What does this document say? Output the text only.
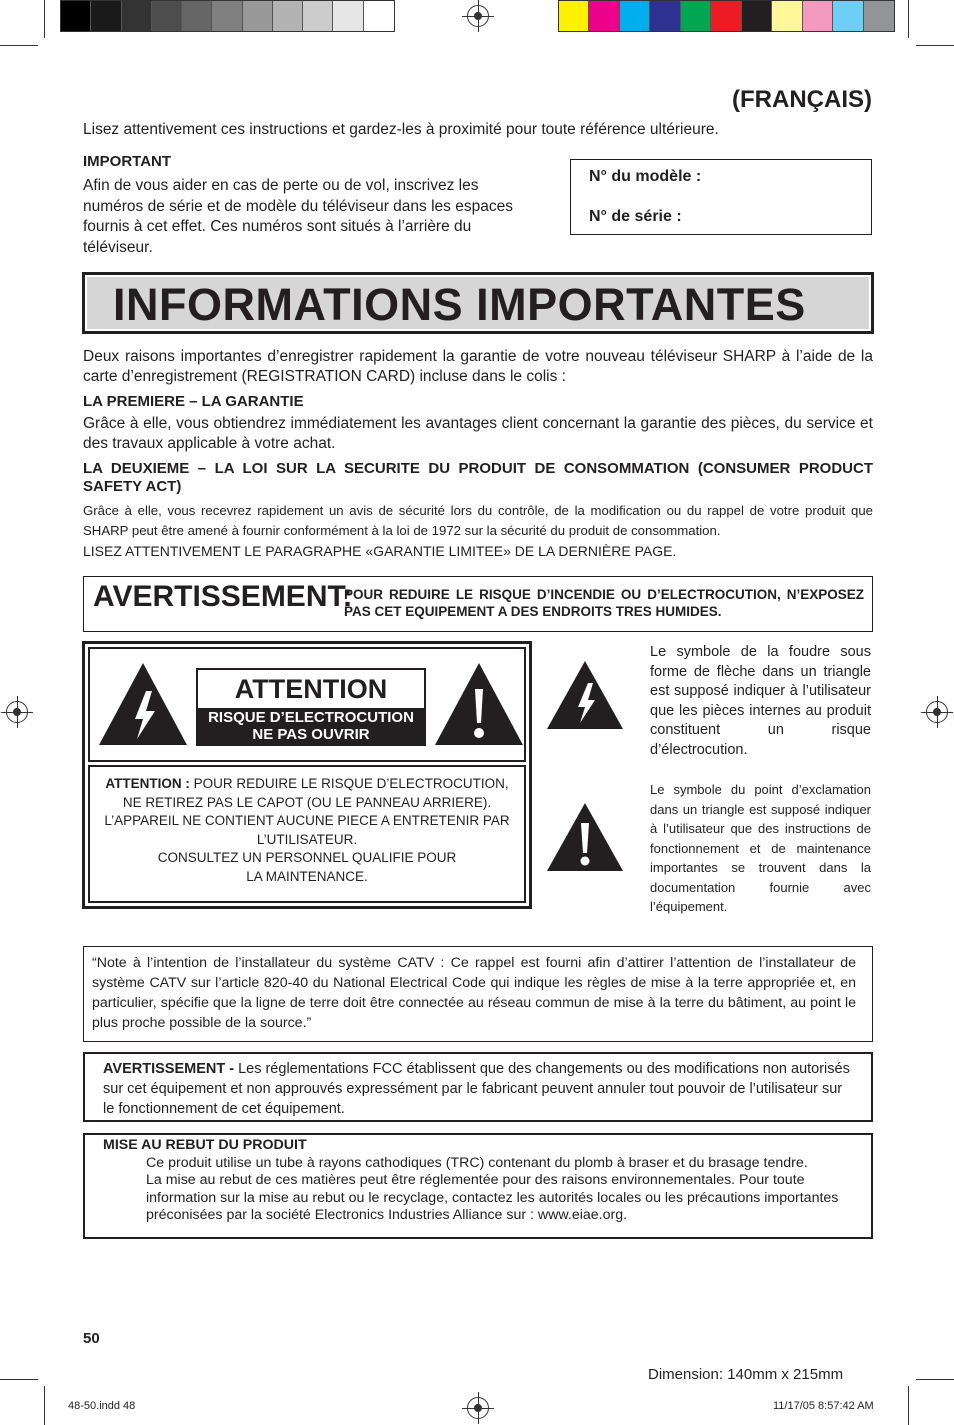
(FRANÇAIS)
Lisez attentivement ces instructions et gardez-les à proximité pour toute référence ultérieure.
IMPORTANT
Afin de vous aider en cas de perte ou de vol, inscrivez les numéros de série et de modèle du téléviseur dans les espaces fournis à cet effet. Ces numéros sont situés à l’arrière du téléviseur.
N° du modèle :
N° de série :
INFORMATIONS IMPORTANTES
Deux raisons importantes d’enregistrer rapidement la garantie de votre nouveau téléviseur SHARP à l’aide de la carte d’enregistrement (REGISTRATION CARD) incluse dans le colis :
LA PREMIERE – LA GARANTIE
Grâce à elle, vous obtiendrez immédiatement les avantages client concernant la garantie des pièces, du service et des travaux applicable à votre achat.
LA DEUXIEME – LA LOI SUR LA SECURITE DU PRODUIT DE CONSOMMATION (CONSUMER PRODUCT SAFETY ACT)
Grâce à elle, vous recevrez rapidement un avis de sécurité lors du contrôle, de la modification ou du rappel de votre produit que SHARP peut être amené à fournir conformément à la loi de 1972 sur la sécurité du produit de consommation.
LISEZ ATTENTIVEMENT LE PARAGRAPHE «GARANTIE LIMITEE» DE LA DERNIÈRE PAGE.
AVERTISSEMENT:
POUR REDUIRE LE RISQUE D’INCENDIE OU D’ELECTROCUTION, N’EXPOSEZ PAS CET EQUIPEMENT A DES ENDROITS TRES HUMIDES.
ATTENTION
RISQUE D’ELECTROCUTION
NE PAS OUVRIR
ATTENTION : POUR REDUIRE LE RISQUE D’ELECTROCUTION,
NE RETIREZ PAS LE CAPOT (OU LE PANNEAU ARRIERE).
L’APPAREIL NE CONTIENT AUCUNE PIECE A ENTRETENIR PAR L’UTILISATEUR.
CONSULTEZ UN PERSONNEL QUALIFIE POUR
LA MAINTENANCE.
Le symbole de la foudre sous forme de flèche dans un triangle est supposé indiquer à l’utilisateur que les pièces internes au produit constituent un risque d’électrocution.
Le symbole du point d’exclamation dans un triangle est supposé indiquer à l’utilisateur que des instructions de fonctionnement et de maintenance importantes se trouvent dans la documentation fournie avec l’équipement.
“Note à l’intention de l’installateur du système CATV : Ce rappel est fourni afin d’attirer l’attention de l’installateur de système CATV sur l’article 820-40 du National Electrical Code qui indique les règles de mise à la terre appropriée et, en particulier, spécifie que la ligne de terre doit être connectée au réseau commun de mise à la terre du bâtiment, au point le plus proche possible de la source.”
AVERTISSEMENT - Les réglementations FCC établissent que des changements ou des modifications non autorisés sur cet équipement et non approuvés expressément par le fabricant peuvent annuler tout pouvoir de l’utilisateur sur le fonctionnement de cet équipement.
MISE AU REBUT DU PRODUIT
Ce produit utilise un tube à rayons cathodiques (TRC) contenant du plomb à braser et du brasage tendre.
La mise au rebut de ces matières peut être réglementée pour des raisons environnementales. Pour toute information sur la mise au rebut ou le recyclage, contactez les autorités locales ou les précautions importantes préconisées par la société Electronics Industries Alliance sur : www.eiae.org.
50
Dimension: 140mm x 215mm
48-50.indd 48	11/17/05 8:57:42 AM
